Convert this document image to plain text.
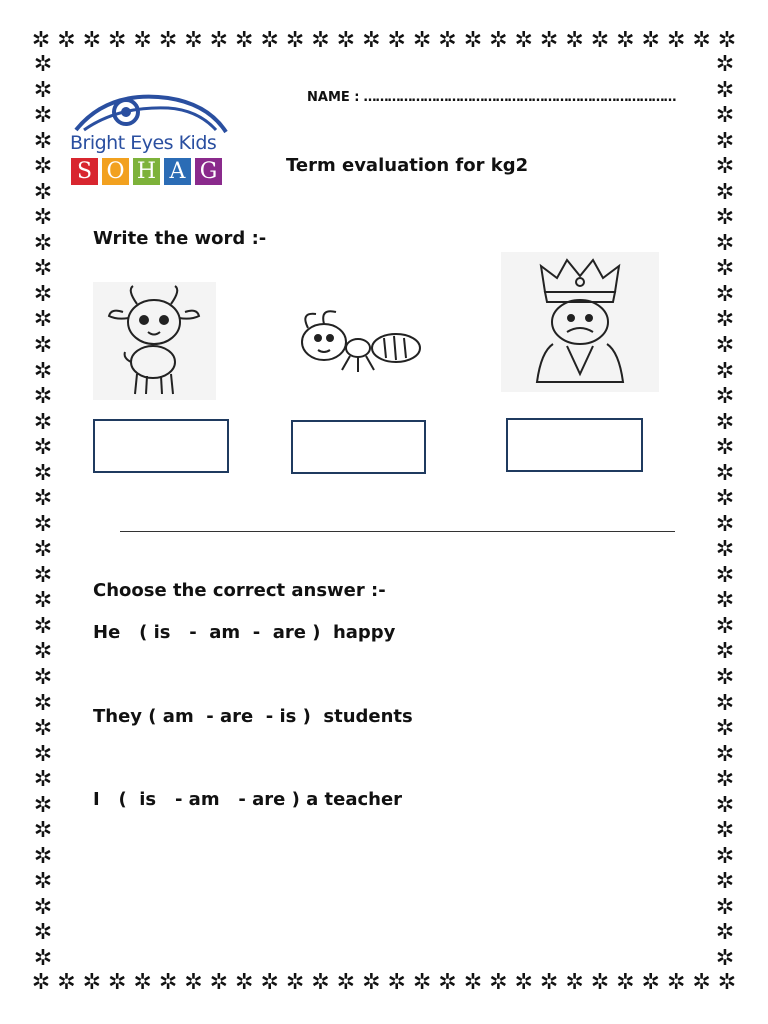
✲ ✲ ✲ ✲ ✲ ✲ ✲ ✲ ✲ ✲ ✲ ✲ ✲ ✲ ✲ ✲ ✲ ✲ ✲ ✲ ✲ ✲ ✲ ✲ ✲ ✲ ✲ ✲
✲ ✲ ✲ ✲ ✲ ✲ ✲ ✲ ✲ ✲ ✲ ✲ ✲ ✲ ✲ ✲ ✲ ✲ ✲ ✲ ✲ ✲ ✲ ✲ ✲ ✲ ✲ ✲
✲
✲
✲
✲
✲
✲
✲
✲
✲
✲
✲
✲
✲
✲
✲
✲
✲
✲
✲
✲
✲
✲
✲
✲
✲
✲
✲
✲
✲
✲
✲
✲
✲
✲
✲
✲
✲
✲
✲
✲
✲
✲
✲
✲
✲
✲
✲
✲
✲
✲
✲
✲
✲
✲
✲
✲
✲
✲
✲
✲
✲
✲
✲
✲
✲
✲
✲
✲
✲
✲
✲
✲
Bright Eyes Kids
S O H A G
NAME : ……………………………………………………………………
Term evaluation for kg2
Write the word :-
Choose the correct answer :-
He   ( is   -  am  -  are )  happy
They ( am  - are  - is )  students
I   (  is   - am   - are ) a teacher
